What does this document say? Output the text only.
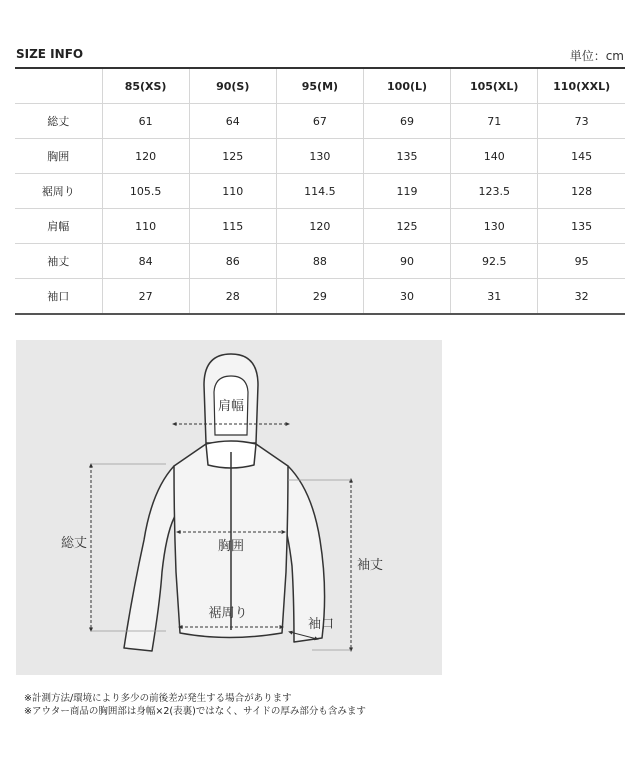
SIZE INFO	単位：cm
	85(XS)	90(S)	95(M)	100(L)	105(XL)	110(XXL)
総丈	61	64	67	69	71	73
胸囲	120	125	130	135	140	145
裾周り	105.5	110	114.5	119	123.5	128
肩幅	110	115	120	125	130	135
袖丈	84	86	88	90	92.5	95
袖口	27	28	29	30	31	32
肩幅
総丈	胸囲
袖丈
裾周り
袖口
※計測方法/環境により多少の前後差が発生する場合があります
※アウター商品の胸囲部は身幅×2(表裏)ではなく、サイドの厚み部分も含みます
